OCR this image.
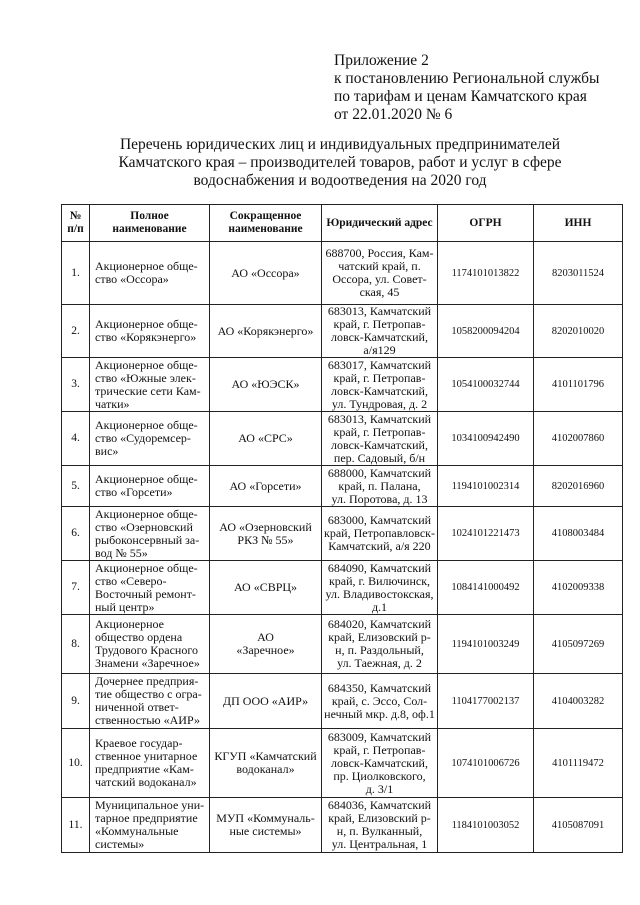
Приложение 2
к постановлению Региональной службы
по тарифам и ценам Камчатского края
от 22.01.2020 № 6
Перечень юридических лиц и индивидуальных предпринимателей
Камчатского края – производителей товаров, работ и услуг в сфере
водоснабжения и водоотведения на 2020 год
№
п/п	Полное
наименование	Сокращенное
наименование	Юридический адрес	ОГРН	ИНН
1.	Акционерное обще-
ство «Оссора»	АО «Оссора»	688700, Россия, Кам-
чатский край, п.
Оссора, ул. Совет-
ская, 45	1174101013822	8203011524
2.	Акционерное обще-
ство «Корякэнерго»	АО «Корякэнерго»	683013, Камчатский
край, г. Петропав-
ловск-Камчатский,
а/я129	1058200094204	8202010020
3.	Акционерное обще-
ство «Южные элек-
трические сети Кам-
чатки»	АО «ЮЭСК»	683017, Камчатский
край, г. Петропав-
ловск-Камчатский,
ул. Тундровая, д. 2	1054100032744	4101101796
4.	Акционерное обще-
ство «Судоремсер-
вис»	АО «СРС»	683013, Камчатский
край, г. Петропав-
ловск-Камчатский,
пер. Садовый, б/н	1034100942490	4102007860
5.	Акционерное обще-
ство «Горсети»	АО «Горсети»	688000, Камчатский
край, п. Палана,
ул. Поротова, д. 13	1194101002314	8202016960
6.	Акционерное обще-
ство «Озерновский
рыбоконсервный за-
вод № 55»	АО «Озерновский
РКЗ № 55»	683000, Камчатский
край, Петропавловск-
Камчатский, а/я 220	1024101221473	4108003484
7.	Акционерное обще-
ство «Северо-
Восточный ремонт-
ный центр»	АО «СВРЦ»	684090, Камчатский
край, г. Вилючинск,
ул. Владивостокская,
д.1	1084141000492	4102009338
8.	Акционерное
общество ордена
Трудового Красного
Знамени «Заречное»	АО
«Заречное»	684020, Камчатский
край, Елизовский р-
н, п. Раздольный,
ул. Таежная, д. 2	1194101003249	4105097269
9.	Дочернее предприя-
тие общество с огра-
ниченной ответ-
ственностью «АИР»	ДП ООО «АИР»	684350, Камчатский
край, с. Эссо, Сол-
нечный мкр. д.8, оф.1	1104177002137	4104003282
10.	Краевое государ-
ственное унитарное
предприятие «Кам-
чатский водоканал»	КГУП «Камчатский
водоканал»	683009, Камчатский
край, г. Петропав-
ловск-Камчатский,
пр. Циолковского,
д. 3/1	1074101006726	4101119472
11.	Муниципальное уни-
тарное предприятие
«Коммунальные
системы»	МУП «Коммуналь-
ные системы»	684036, Камчатский
край, Елизовский р-
н, п. Вулканный,
ул. Центральная, 1	1184101003052	4105087091
